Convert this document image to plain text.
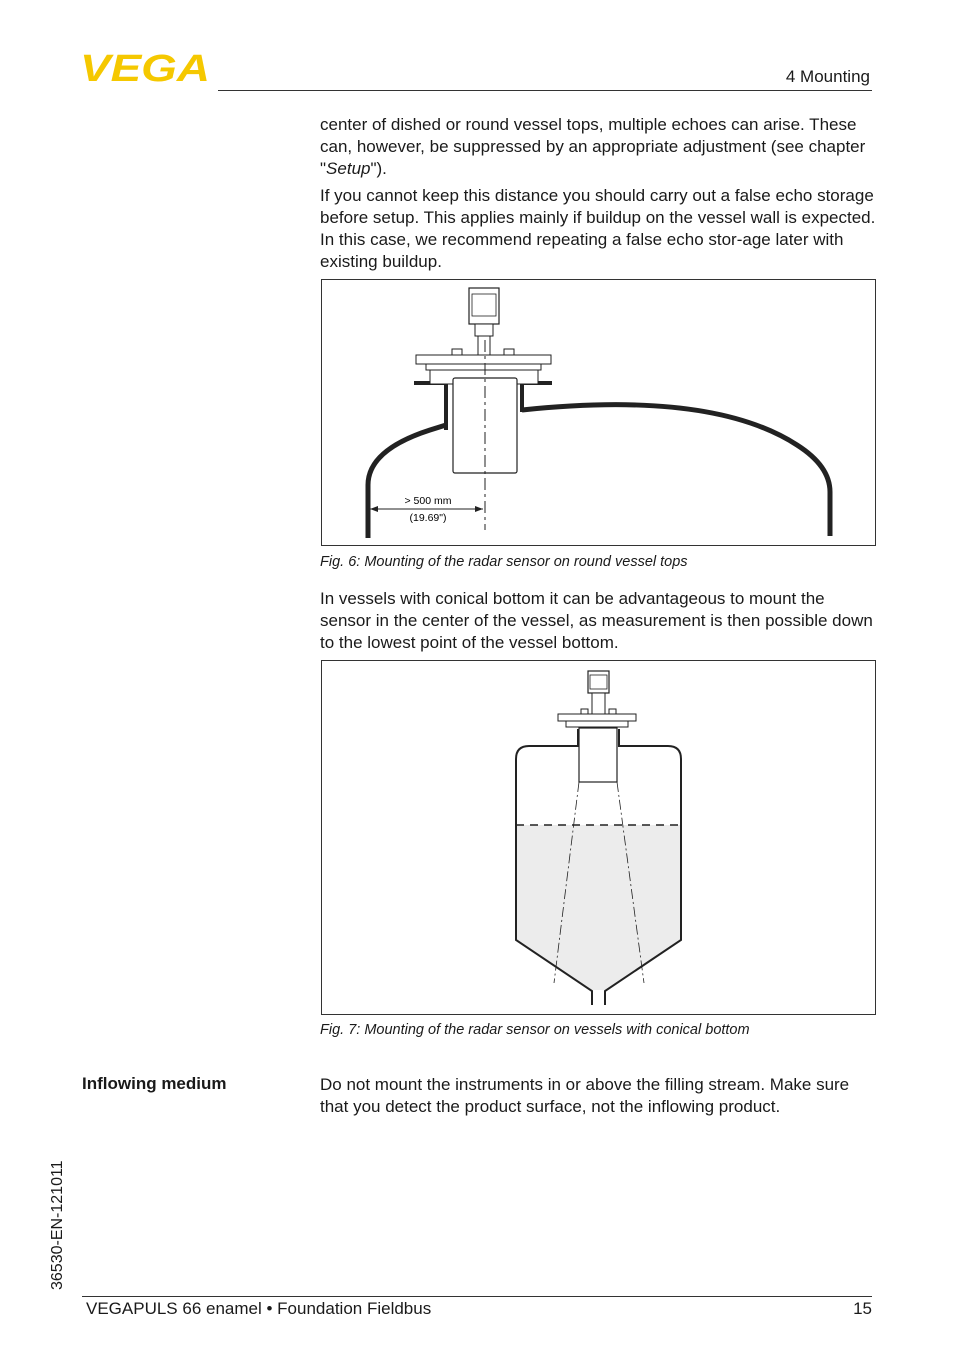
VEGA	4 Mounting

center of dished or round vessel tops, multiple echoes can arise. These can, however, be suppressed by an appropriate adjustment (see chapter "Setup").

If you cannot keep this distance you should carry out a false echo storage before setup. This applies mainly if buildup on the vessel wall is expected. In this case, we recommend repeating a false echo stor-age later with existing buildup.

> 500 mm
(19.69")
Fig. 6: Mounting of the radar sensor on round vessel tops

In vessels with conical bottom it can be advantageous to mount the sensor in the center of the vessel, as measurement is then possible down to the lowest point of the vessel bottom.

Fig. 7: Mounting of the radar sensor on vessels with conical bottom
Inflowing medium	Do not mount the instruments in or above the filling stream. Make sure that you detect the product surface, not the inflowing product.

36530-EN-121011
VEGAPULS 66 enamel • Foundation Fieldbus	15
